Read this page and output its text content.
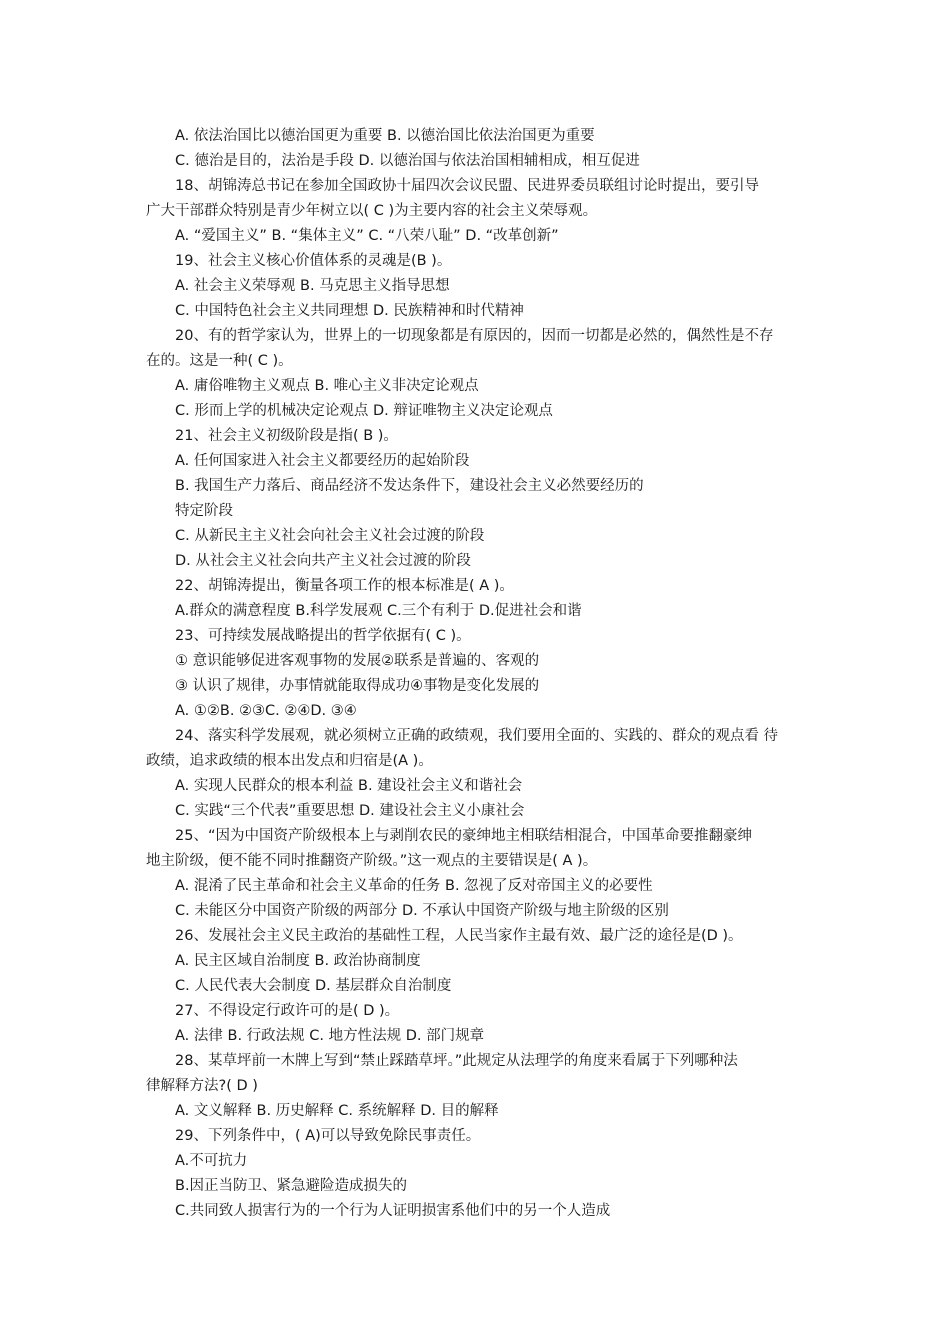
A. 依法治国比以德治国更为重要 B. 以德治国比依法治国更为重要
C. 德治是目的，法治是手段 D. 以德治国与依法治国相辅相成，相互促进
18、胡锦涛总书记在参加全国政协十届四次会议民盟、民进界委员联组讨论时提出，要引导
广大干部群众特别是青少年树立以( C )为主要内容的社会主义荣辱观。
A. “爱国主义” B. “集体主义” C. “八荣八耻” D. “改革创新”
19、社会主义核心价值体系的灵魂是(B )。
A. 社会主义荣辱观 B. 马克思主义指导思想
C. 中国特色社会主义共同理想 D. 民族精神和时代精神
20、有的哲学家认为，世界上的一切现象都是有原因的，因而一切都是必然的，偶然性是不存
在的。这是一种( C )。
A. 庸俗唯物主义观点 B. 唯心主义非决定论观点
C. 形而上学的机械决定论观点 D. 辩证唯物主义决定论观点
21、社会主义初级阶段是指( B )。
A. 任何国家进入社会主义都要经历的起始阶段
B. 我国生产力落后、商品经济不发达条件下，建设社会主义必然要经历的
特定阶段
C. 从新民主主义社会向社会主义社会过渡的阶段
D. 从社会主义社会向共产主义社会过渡的阶段
22、胡锦涛提出，衡量各项工作的根本标准是( A )。
A.群众的满意程度 B.科学发展观 C.三个有利于 D.促进社会和谐
23、可持续发展战略提出的哲学依据有( C )。
① 意识能够促进客观事物的发展②联系是普遍的、客观的
③ 认识了规律，办事情就能取得成功④事物是变化发展的
A. ①②B. ②③C. ②④D. ③④
24、落实科学发展观，就必须树立正确的政绩观，我们要用全面的、实践的、群众的观点看 待
政绩，追求政绩的根本出发点和归宿是(A )。
A. 实现人民群众的根本利益 B. 建设社会主义和谐社会
C. 实践“三个代表”重要思想 D. 建设社会主义小康社会
25、“因为中国资产阶级根本上与剥削农民的豪绅地主相联结相混合，中国革命要推翻豪绅
地主阶级，便不能不同时推翻资产阶级。”这一观点的主要错误是( A )。
A. 混淆了民主革命和社会主义革命的任务 B. 忽视了反对帝国主义的必要性
C. 未能区分中国资产阶级的两部分 D. 不承认中国资产阶级与地主阶级的区别
26、发展社会主义民主政治的基础性工程，人民当家作主最有效、最广泛的途径是(D )。
A. 民主区域自治制度 B. 政治协商制度
C. 人民代表大会制度 D. 基层群众自治制度
27、不得设定行政许可的是( D )。
A. 法律 B. 行政法规 C. 地方性法规 D. 部门规章
28、某草坪前一木牌上写到“禁止踩踏草坪。”此规定从法理学的角度来看属于下列哪种法
律解释方法?( D )
A. 文义解释 B. 历史解释 C. 系统解释 D. 目的解释
29、下列条件中，( A)可以导致免除民事责任。
A.不可抗力
B.因正当防卫、紧急避险造成损失的
C.共同致人损害行为的一个行为人证明损害系他们中的另一个人造成
